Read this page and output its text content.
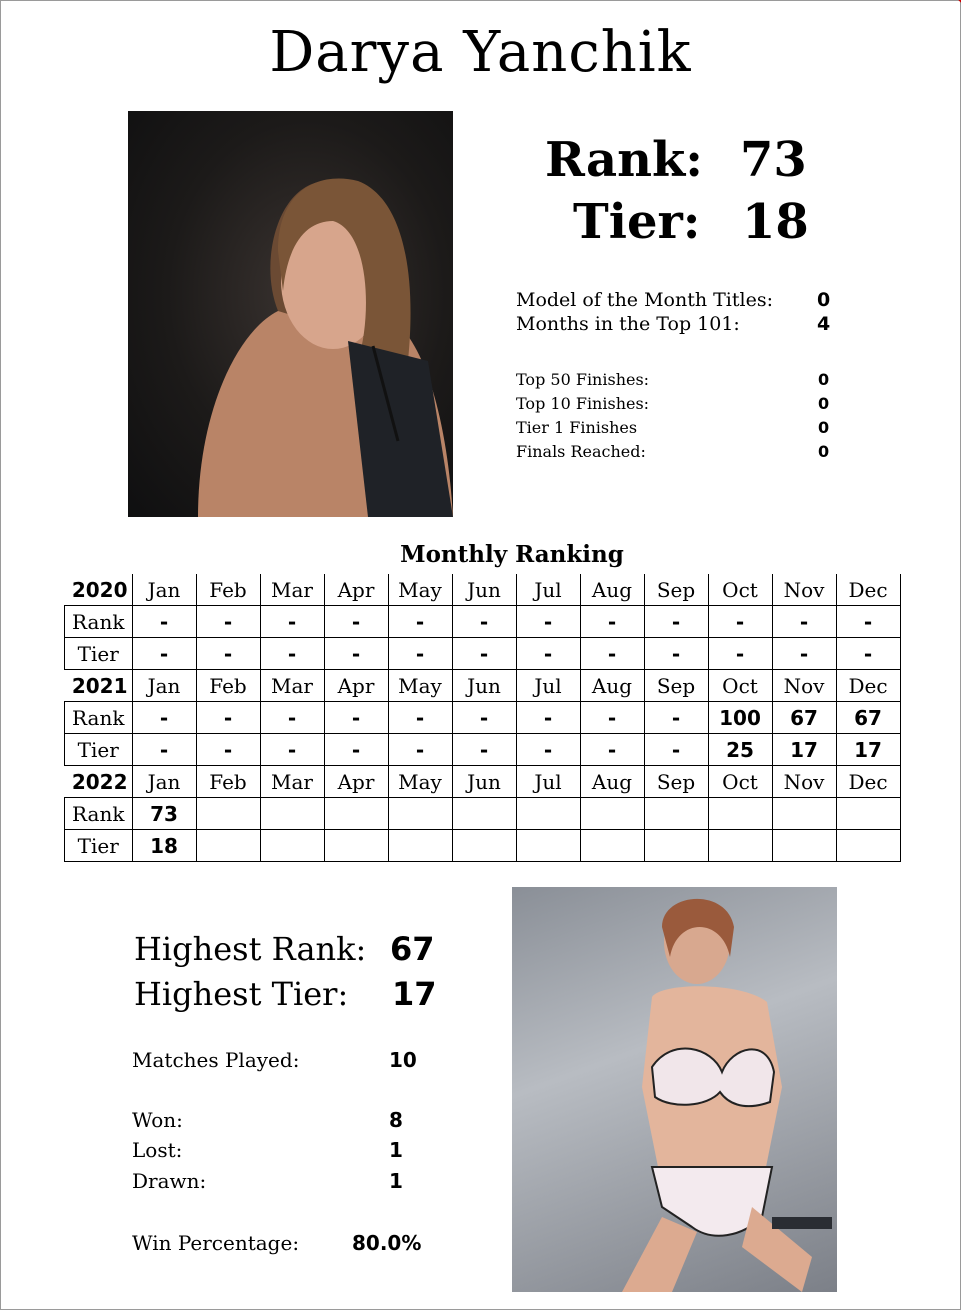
Darya Yanchik
Rank: 73
Tier: 18
Model of the Month Titles: 0
Months in the Top 101:	4
Top 50 Finishes:	0
Top 10 Finishes:	0
Tier 1 Finishes	0
Finals Reached:	0
Monthly Ranking
2020	Jan	Feb	Mar	Apr	May	Jun	Jul	Aug	Sep	Oct	Nov	Dec
Rank	-	-	-	-	-	-	-	-	-	-	-	-
Tier	-	-	-	-	-	-	-	-	-	-	-	-
2021	Jan	Feb	Mar	Apr	May	Jun	Jul	Aug	Sep	Oct	Nov	Dec
Rank	-	-	-	-	-	-	-	-	-	100	67	67
Tier	-	-	-	-	-	-	-	-	-	25	17	17
2022	Jan	Feb	Mar	Apr	May	Jun	Jul	Aug	Sep	Oct	Nov	Dec
Rank	73											
Tier	18											
Highest Rank: 67
Highest Tier: 17
Matches Played:	10
Won:	8
Lost:	1
Drawn:	1
Win Percentage:	80.0%
